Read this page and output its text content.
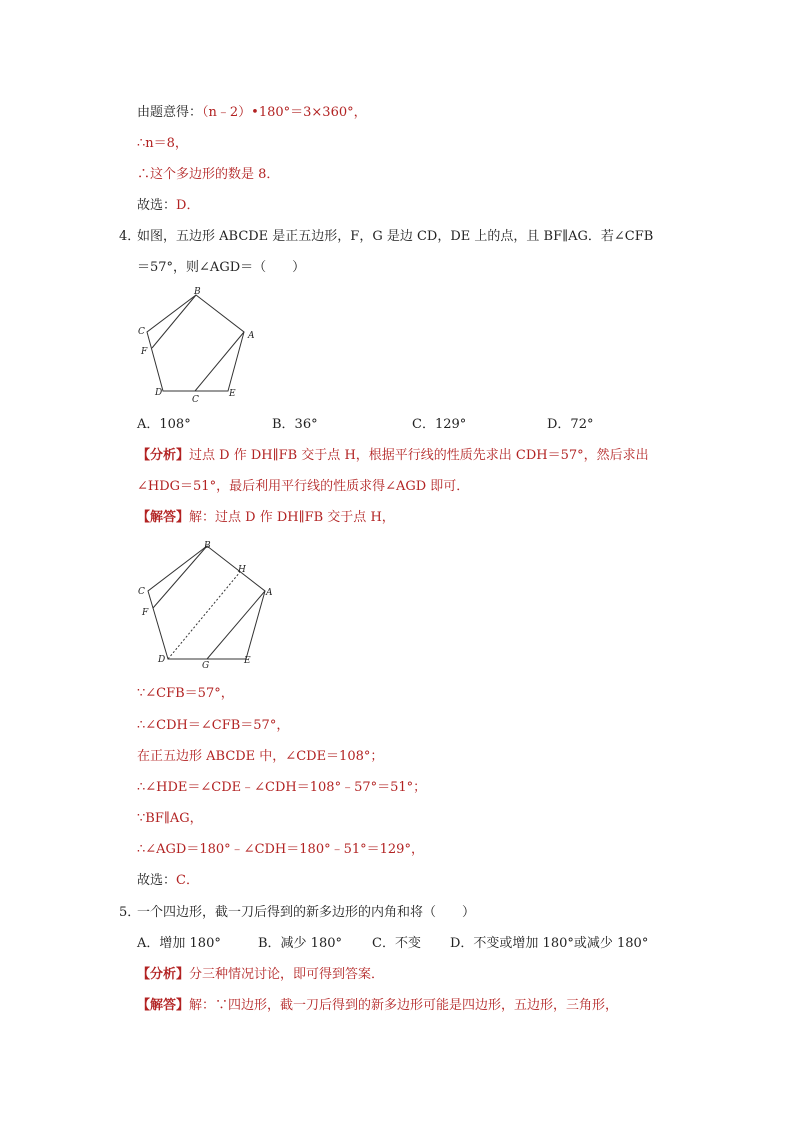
由题意得：（n﹣2）•180°＝3×360°，
∴n＝8，
∴这个多边形的数是 8．
故选：D．
4．
如图，五边形 ABCDE 是正五边形，F，G 是边 CD，DE 上的点，且 BF∥AG．若∠CFB
＝57°，则∠AGD＝（　　）
B
C
F
A
D
C
E
A．108°	B．36°	C．129°	D．72°
【分析】过点 D 作 DH∥FB 交于点 H，根据平行线的性质先求出 CDH＝57°，然后求出
∠HDG＝51°，最后利用平行线的性质求得∠AGD 即可．
【解答】解：过点 D 作 DH∥FB 交于点 H，
B
H
C
F
A
D
G	E
∵∠CFB＝57°，
∴∠CDH＝∠CFB＝57°，
在正五边形 ABCDE 中，∠CDE＝108°；
∴∠HDE＝∠CDE﹣∠CDH＝108°﹣57°＝51°；
∵BF∥AG，
∴∠AGD＝180°﹣∠CDH＝180°﹣51°＝129°，
故选：C．
5．
一个四边形，截一刀后得到的新多边形的内角和将（　　）
A．增加 180°	B．减少 180° C．不变 D．不变或增加 180°或减少 180°
【分析】分三种情况讨论，即可得到答案．
【解答】解：∵四边形，截一刀后得到的新多边形可能是四边形，五边形，三角形，
